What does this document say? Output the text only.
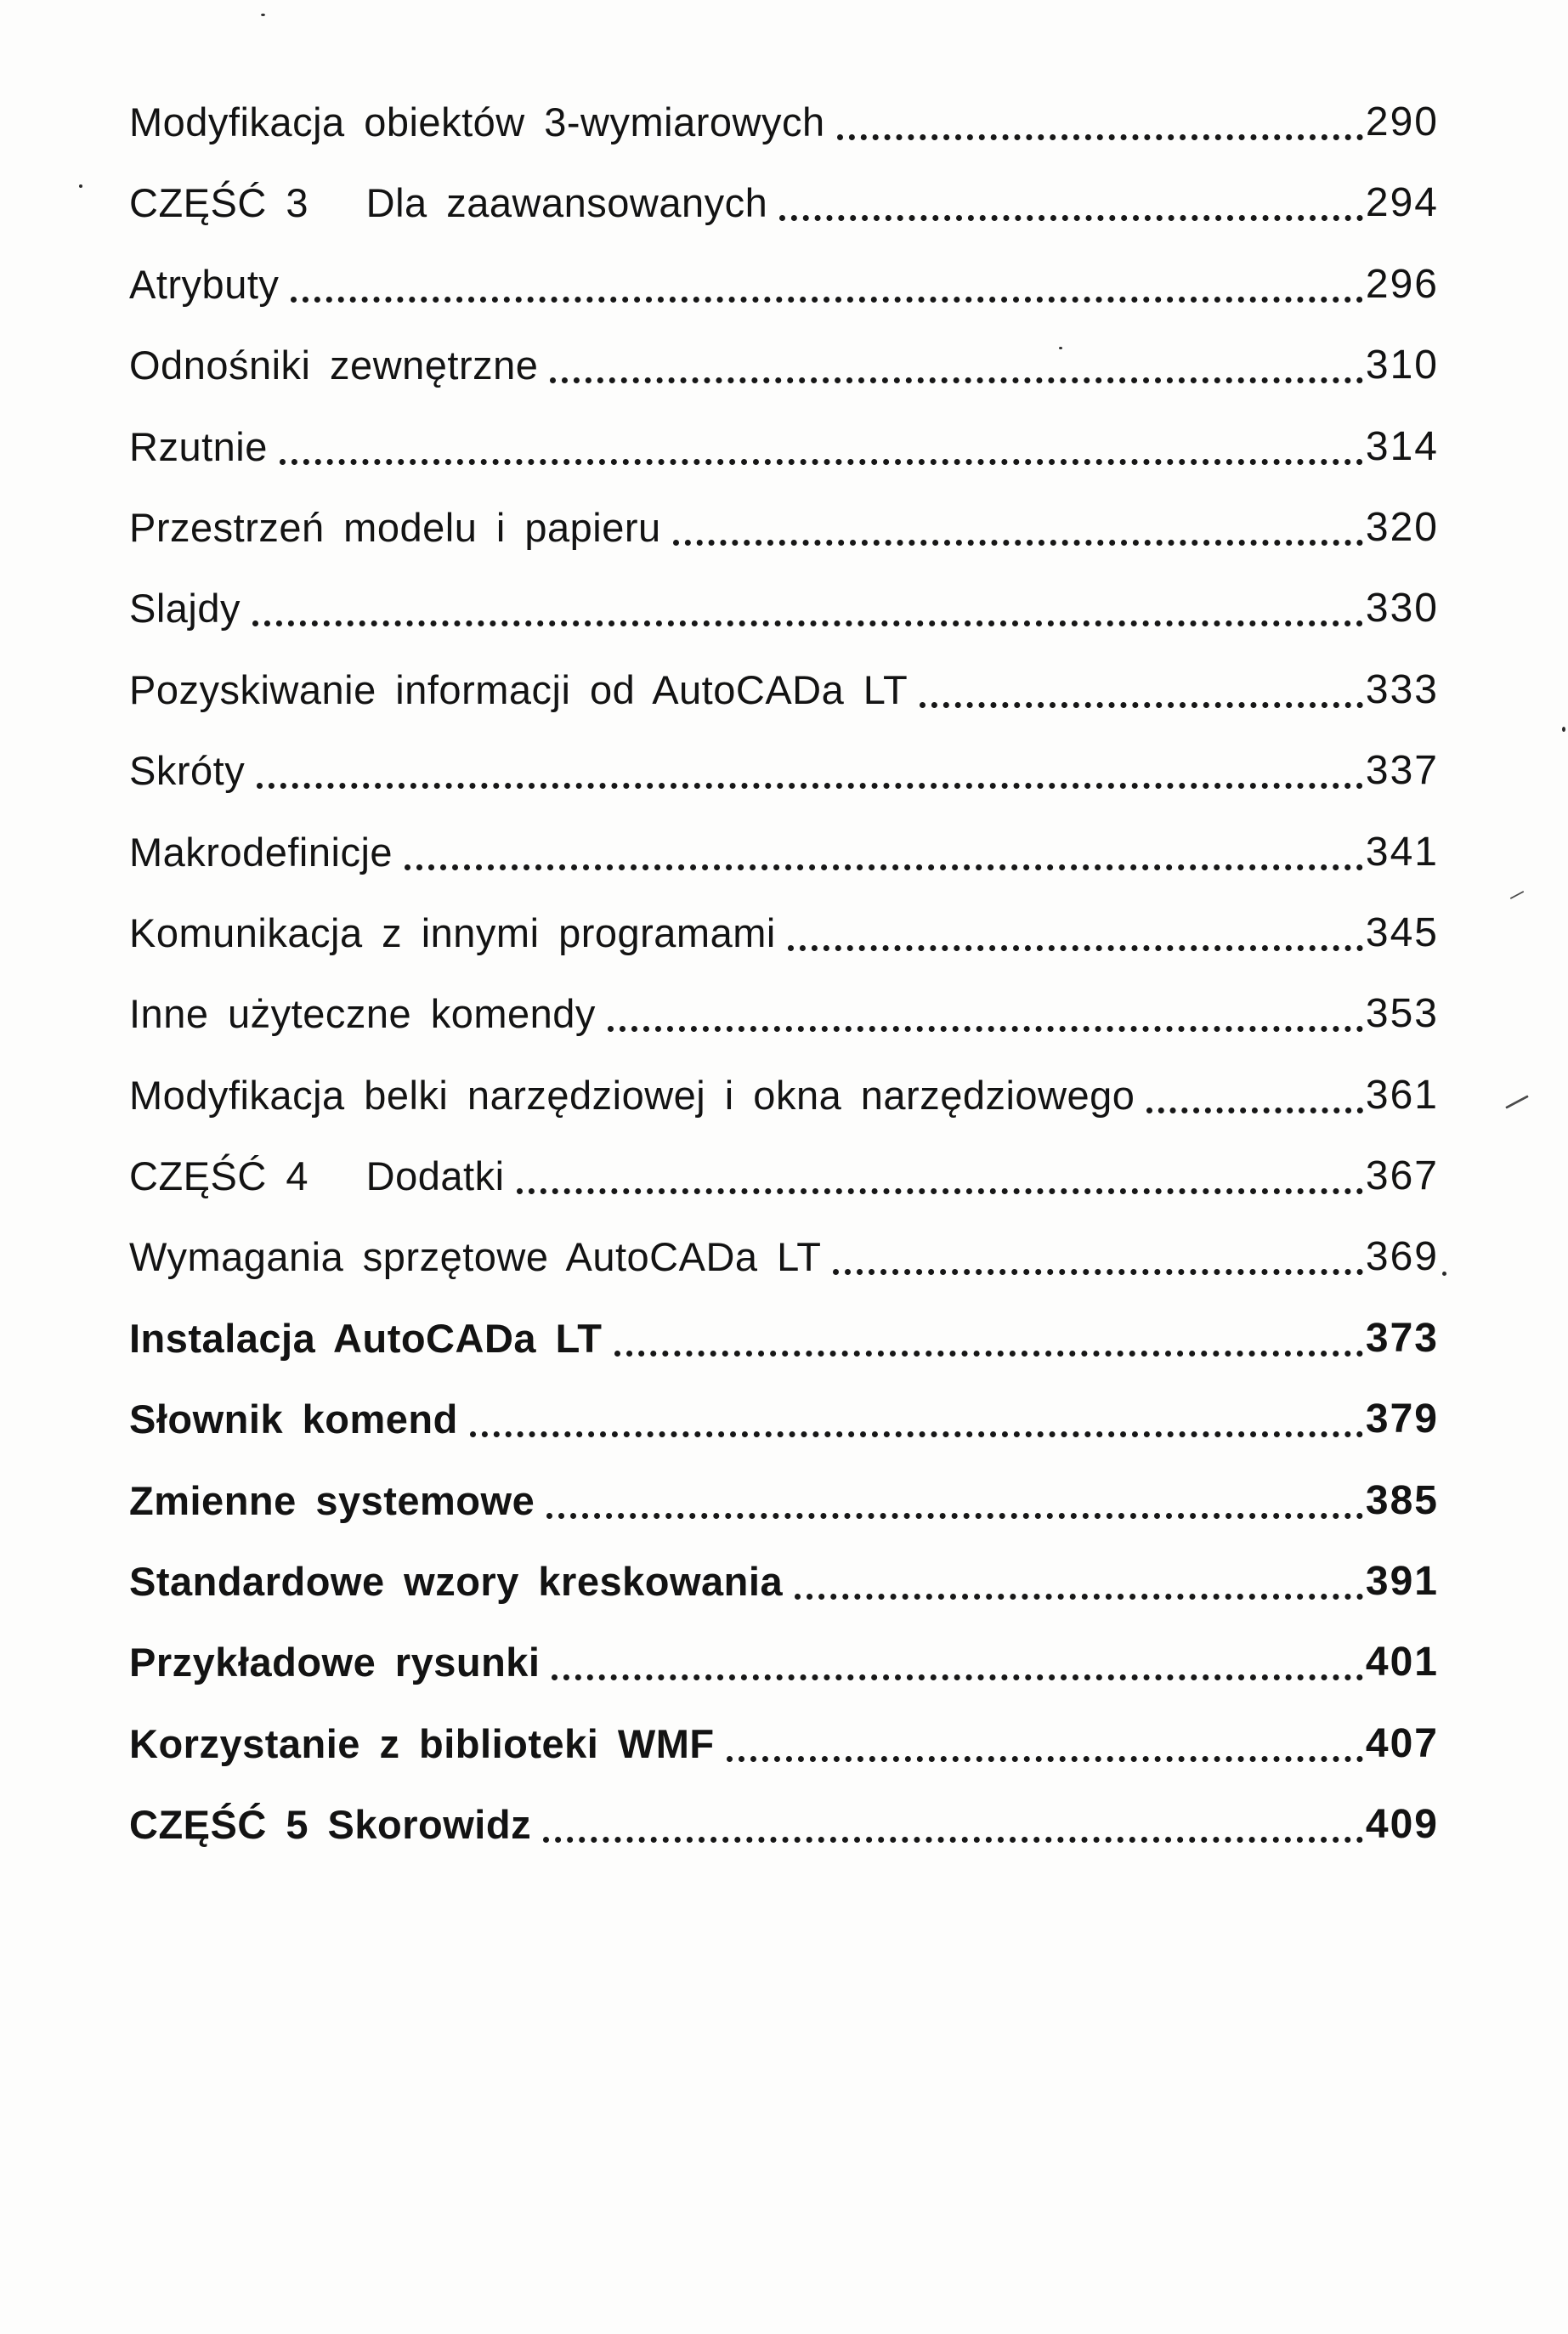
Modyfikacja obiektów 3-wymiarowych	290
CZĘŚĆ 3   Dla zaawansowanych	294
Atrybuty	296
Odnośniki zewnętrzne	310
Rzutnie	314
Przestrzeń modelu i papieru	320
Slajdy	330
Pozyskiwanie informacji od AutoCADa LT	333
Skróty	337
Makrodefinicje	341
Komunikacja z innymi programami	345
Inne użyteczne komendy	353
Modyfikacja belki narzędziowej i okna narzędziowego	361
CZĘŚĆ 4   Dodatki	367
Wymagania sprzętowe AutoCADa LT	369
Instalacja AutoCADa LT	373
Słownik komend	379
Zmienne systemowe	385
Standardowe wzory kreskowania	391
Przykładowe rysunki	401
Korzystanie z biblioteki WMF	407
CZĘŚĆ 5 Skorowidz	409
